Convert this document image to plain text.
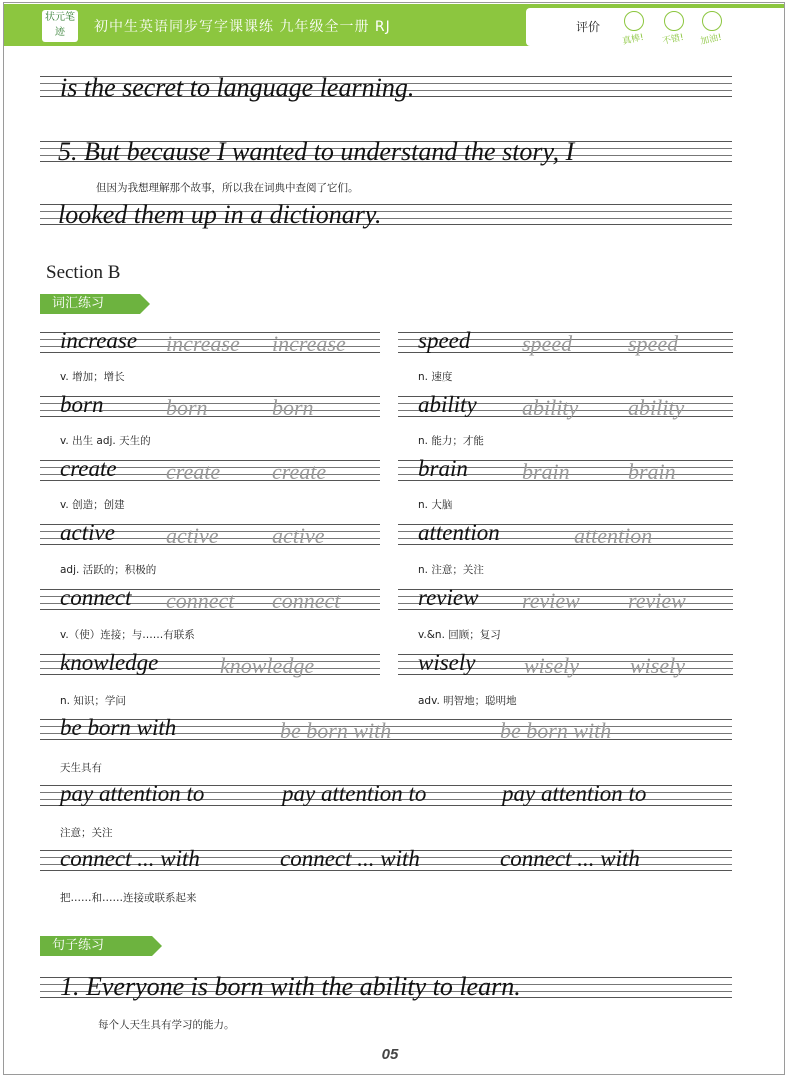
状元笔迹	初中生英语同步写字课课练 九年级全一册 RJ	评价
真棒! 不错! 加油!
is the secret to language learning.
5. But because I wanted to understand the story, I
但因为我想理解那个故事，所以我在词典中查阅了它们。
looked them up in a dictionary.
Section B
词汇练习
increase increase increase
v. 增加；增长
born	born	born
v. 出生 adj. 天生的
create create create
v. 创造；创建
active active active
adj. 活跃的；积极的
connect connect connect
v.（使）连接；与……有联系
knowledge	knowledge
n. 知识；学问
speed speed	speed
n. 速度
ability ability ability
n. 能力；才能
brain brain	brain
n. 大脑
attention	attention
n. 注意；关注
review review review
v.&n. 回顾；复习
wisely wisely wisely
adv. 明智地；聪明地
be born with	be born with	be born with
天生具有
pay attention to	pay attention to	pay attention to
注意；关注
connect ... with	connect ... with	connect ... with
把……和……连接或联系起来
句子练习
1. Everyone is born with the ability to learn.
每个人天生具有学习的能力。
05
